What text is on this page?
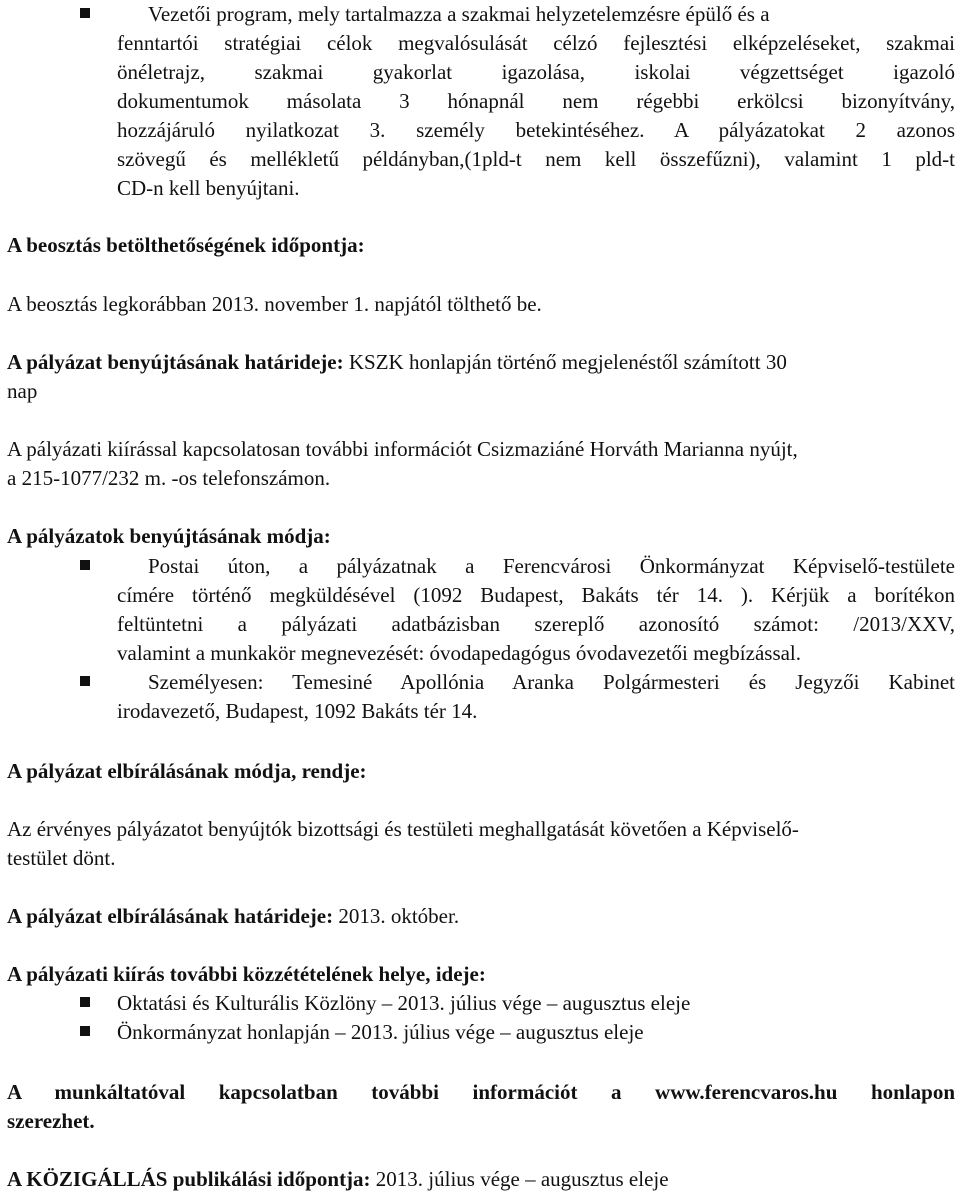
Vezetői program, mely tartalmazza a szakmai helyzetelemzésre épülő és a
fenntartói stratégiai célok megvalósulását célzó fejlesztési elképzeléseket, szakmai
önéletrajz, szakmai gyakorlat igazolása, iskolai végzettséget igazoló
dokumentumok másolata 3 hónapnál nem régebbi erkölcsi bizonyítvány,
hozzájáruló nyilatkozat 3. személy betekintéséhez. A pályázatokat 2 azonos
szövegű és mellékletű példányban,(1pld-t nem kell összefűzni), valamint 1 pld-t
CD-n kell benyújtani.
A beosztás betölthetőségének időpontja:
A beosztás legkorábban 2013. november 1. napjától tölthető be.
A pályázat benyújtásának határideje: KSZK honlapján történő megjelenéstől számított 30
nap
A pályázati kiírással kapcsolatosan további információt Csizmaziáné Horváth Marianna nyújt,
a 215-1077/232 m. -os telefonszámon.
A pályázatok benyújtásának módja:
Postai úton, a pályázatnak a Ferencvárosi Önkormányzat Képviselő-testülete
címére történő megküldésével (1092 Budapest, Bakáts tér 14. ). Kérjük a borítékon
feltüntetni a pályázati adatbázisban szereplő azonosító számot: /2013/XXV,
valamint a munkakör megnevezését: óvodapedagógus óvodavezetői megbízással.
Személyesen: Temesiné Apollónia Aranka Polgármesteri és Jegyzői Kabinet
irodavezető, Budapest, 1092 Bakáts tér 14.
A pályázat elbírálásának módja, rendje:
Az érvényes pályázatot benyújtók bizottsági és testületi meghallgatását követően a Képviselő-
testület dönt.
A pályázat elbírálásának határideje: 2013. október.
A pályázati kiírás további közzétételének helye, ideje:
Oktatási és Kulturális Közlöny – 2013. július vége – augusztus eleje
Önkormányzat honlapján – 2013. július vége – augusztus eleje
A munkáltatóval kapcsolatban további információt a www.ferencvaros.hu honlapon
szerezhet.
A KÖZIGÁLLÁS publikálási időpontja: 2013. július vége – augusztus eleje
